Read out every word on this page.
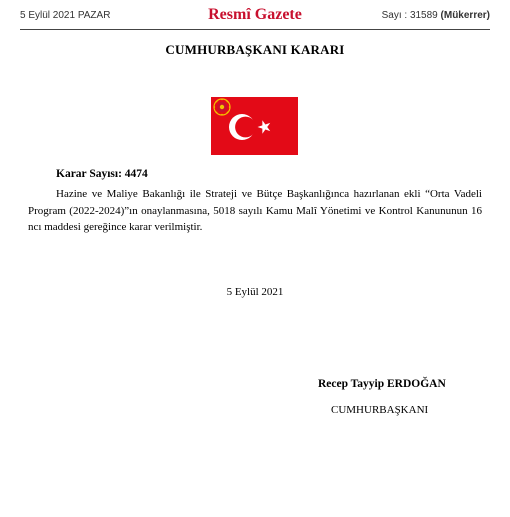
5 Eylül 2021 PAZAR	Resmî Gazete	Sayı : 31589 (Mükerrer)
CUMHURBAŞKANI KARARI
Karar Sayısı: 4474
Hazine ve Maliye Bakanlığı ile Strateji ve Bütçe Başkanlığınca hazırlanan ekli “Orta Vadeli Program (2022-2024)”ın onaylanmasına, 5018 sayılı Kamu Malî Yönetimi ve Kontrol Kanununun 16 ncı maddesi gereğince karar verilmiştir.
5 Eylül 2021
Recep Tayyip ERDOĞAN
CUMHURBAŞKANI
